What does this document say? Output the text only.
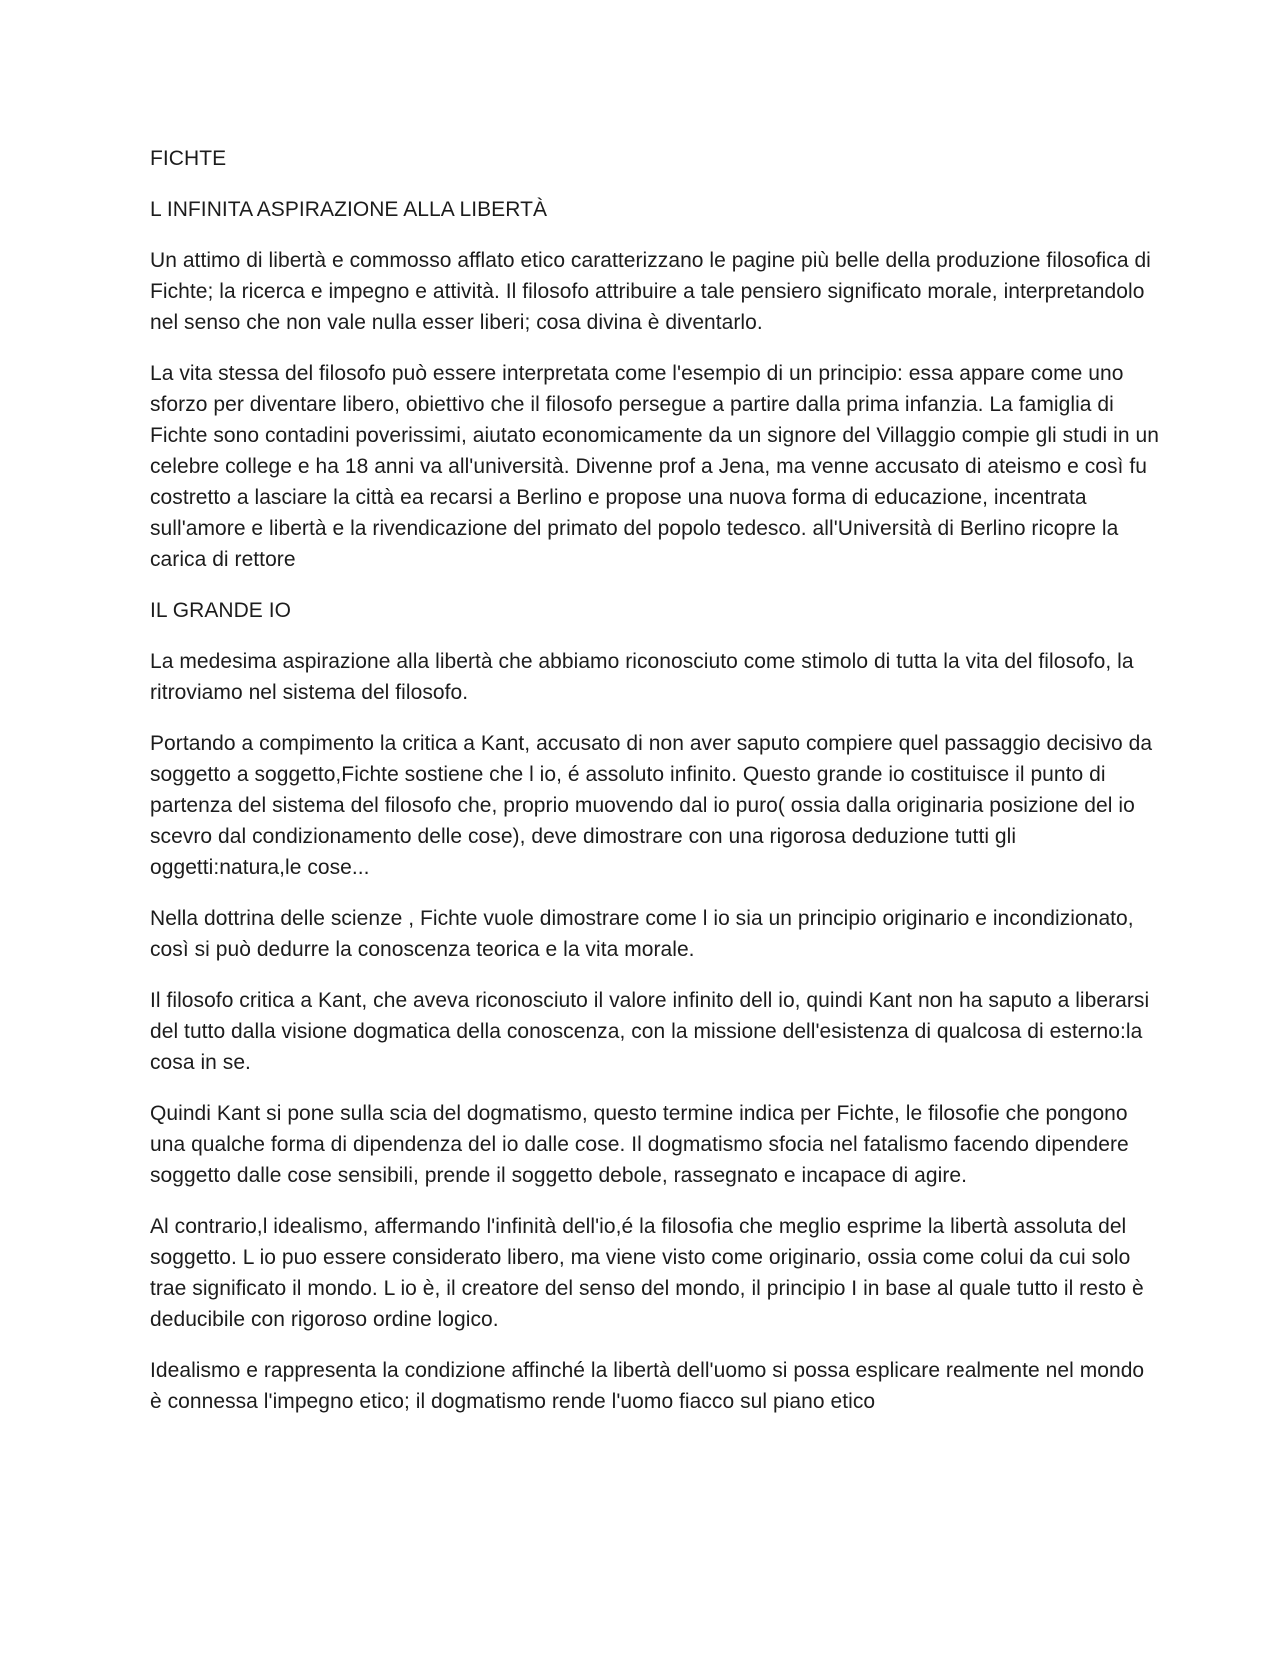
FICHTE

L INFINITA ASPIRAZIONE ALLA LIBERTÀ

Un attimo di libertà e commosso afflato etico caratterizzano le pagine più belle della produzione filosofica di Fichte; la ricerca e impegno e attività. Il filosofo attribuire a tale pensiero significato morale, interpretandolo nel senso che non vale nulla esser liberi; cosa divina è diventarlo.

La vita stessa del filosofo può essere interpretata come l'esempio di un principio: essa appare come uno sforzo per diventare libero, obiettivo che il filosofo persegue a partire dalla prima infanzia. La famiglia di Fichte sono contadini poverissimi, aiutato economicamente da un signore del Villaggio compie gli studi in un celebre college e ha 18 anni va all'università. Divenne prof a Jena, ma venne accusato di ateismo e così fu costretto a lasciare la città ea recarsi a Berlino e propose una nuova forma di educazione, incentrata sull'amore e libertà e la rivendicazione del primato del popolo tedesco. all'Università di Berlino ricopre la carica di rettore

IL GRANDE IO

La medesima aspirazione alla libertà che abbiamo riconosciuto come stimolo di tutta la vita del filosofo, la ritroviamo nel sistema del filosofo.

Portando a compimento la critica a Kant, accusato di non aver saputo compiere quel passaggio decisivo da soggetto a soggetto,Fichte sostiene che l io, é assoluto infinito. Questo grande io costituisce il punto di partenza del sistema del filosofo che, proprio muovendo dal io puro( ossia dalla originaria posizione del io scevro dal condizionamento delle cose), deve dimostrare con una rigorosa deduzione tutti gli oggetti:natura,le cose...

Nella dottrina delle scienze , Fichte vuole dimostrare come l io sia un principio originario e incondizionato, così si può dedurre la conoscenza teorica e la vita morale.

Il filosofo critica a Kant, che aveva riconosciuto il valore infinito dell io, quindi Kant non ha saputo a liberarsi del tutto dalla visione dogmatica della conoscenza, con la missione dell'esistenza di qualcosa di esterno:la cosa in se.

Quindi Kant si pone sulla scia del dogmatismo, questo termine indica per Fichte, le filosofie che pongono una qualche forma di dipendenza del io dalle cose. Il dogmatismo sfocia nel fatalismo facendo dipendere soggetto dalle cose sensibili, prende il soggetto debole, rassegnato e incapace di agire.

Al contrario,l idealismo, affermando l'infinità dell'io,é la filosofia che meglio esprime la libertà assoluta del soggetto. L io puo essere considerato libero, ma viene visto come originario, ossia come colui da cui solo trae significato il mondo. L io è, il creatore del senso del mondo, il principio I in base al quale tutto il resto è deducibile con rigoroso ordine logico.

Idealismo e rappresenta la condizione affinché la libertà dell'uomo si possa esplicare realmente nel mondo è connessa l'impegno etico; il dogmatismo rende l'uomo fiacco sul piano etico
